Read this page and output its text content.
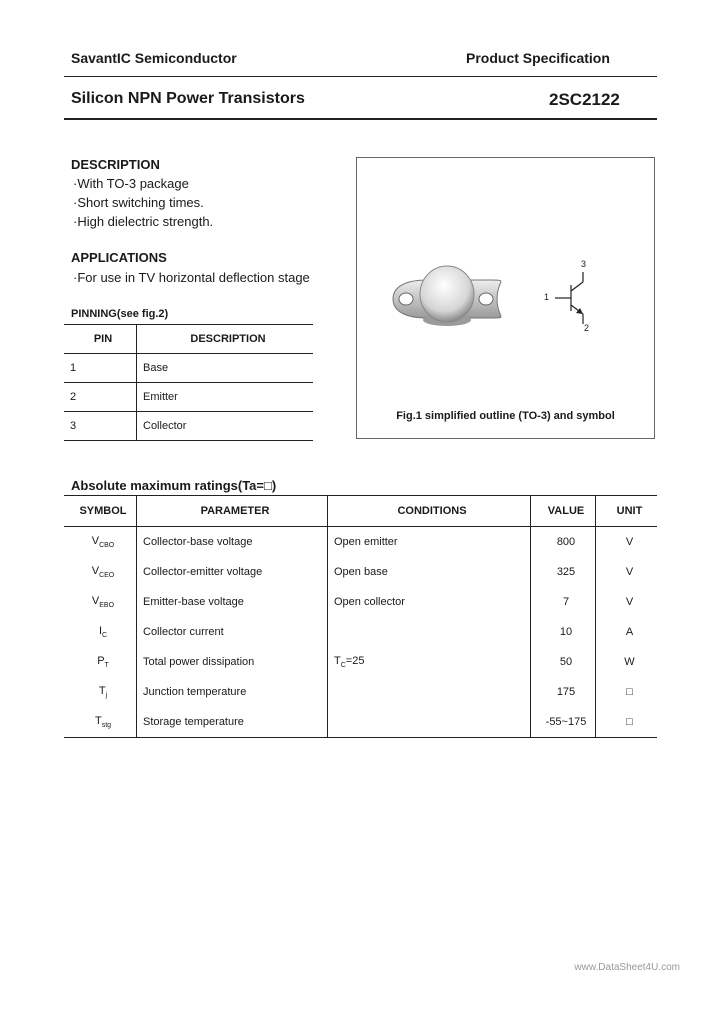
SavantIC Semiconductor	Product Specification
Silicon NPN Power Transistors	2SC2122
DESCRIPTION
·With TO-3 package
·Short switching times.
·High dielectric strength.
APPLICATIONS
·For use in TV horizontal deflection stage
PINNING(see fig.2)
PIN	DESCRIPTION
1	Base
2	Emitter
3	Collector
1
2
3
Fig.1 simplified outline (TO-3) and symbol
Absolute maximum ratings(Ta=□)
SYMBOL	PARAMETER	CONDITIONS	VALUE	UNIT
$V_{CBO}$	Collector-base voltage	Open emitter	800	V
$V_{CEO}$	Collector-emitter voltage	Open base	325	V
$V_{EBO}$	Emitter-base voltage	Open collector	7	V
$I_C$	Collector current		10	A
$P_T$	Total power dissipation	$T_C=25$	50	W
$T_j$	Junction temperature		175	□
$T_{stg}$	Storage temperature		-55~175	□
www.DataSheet4U.com
